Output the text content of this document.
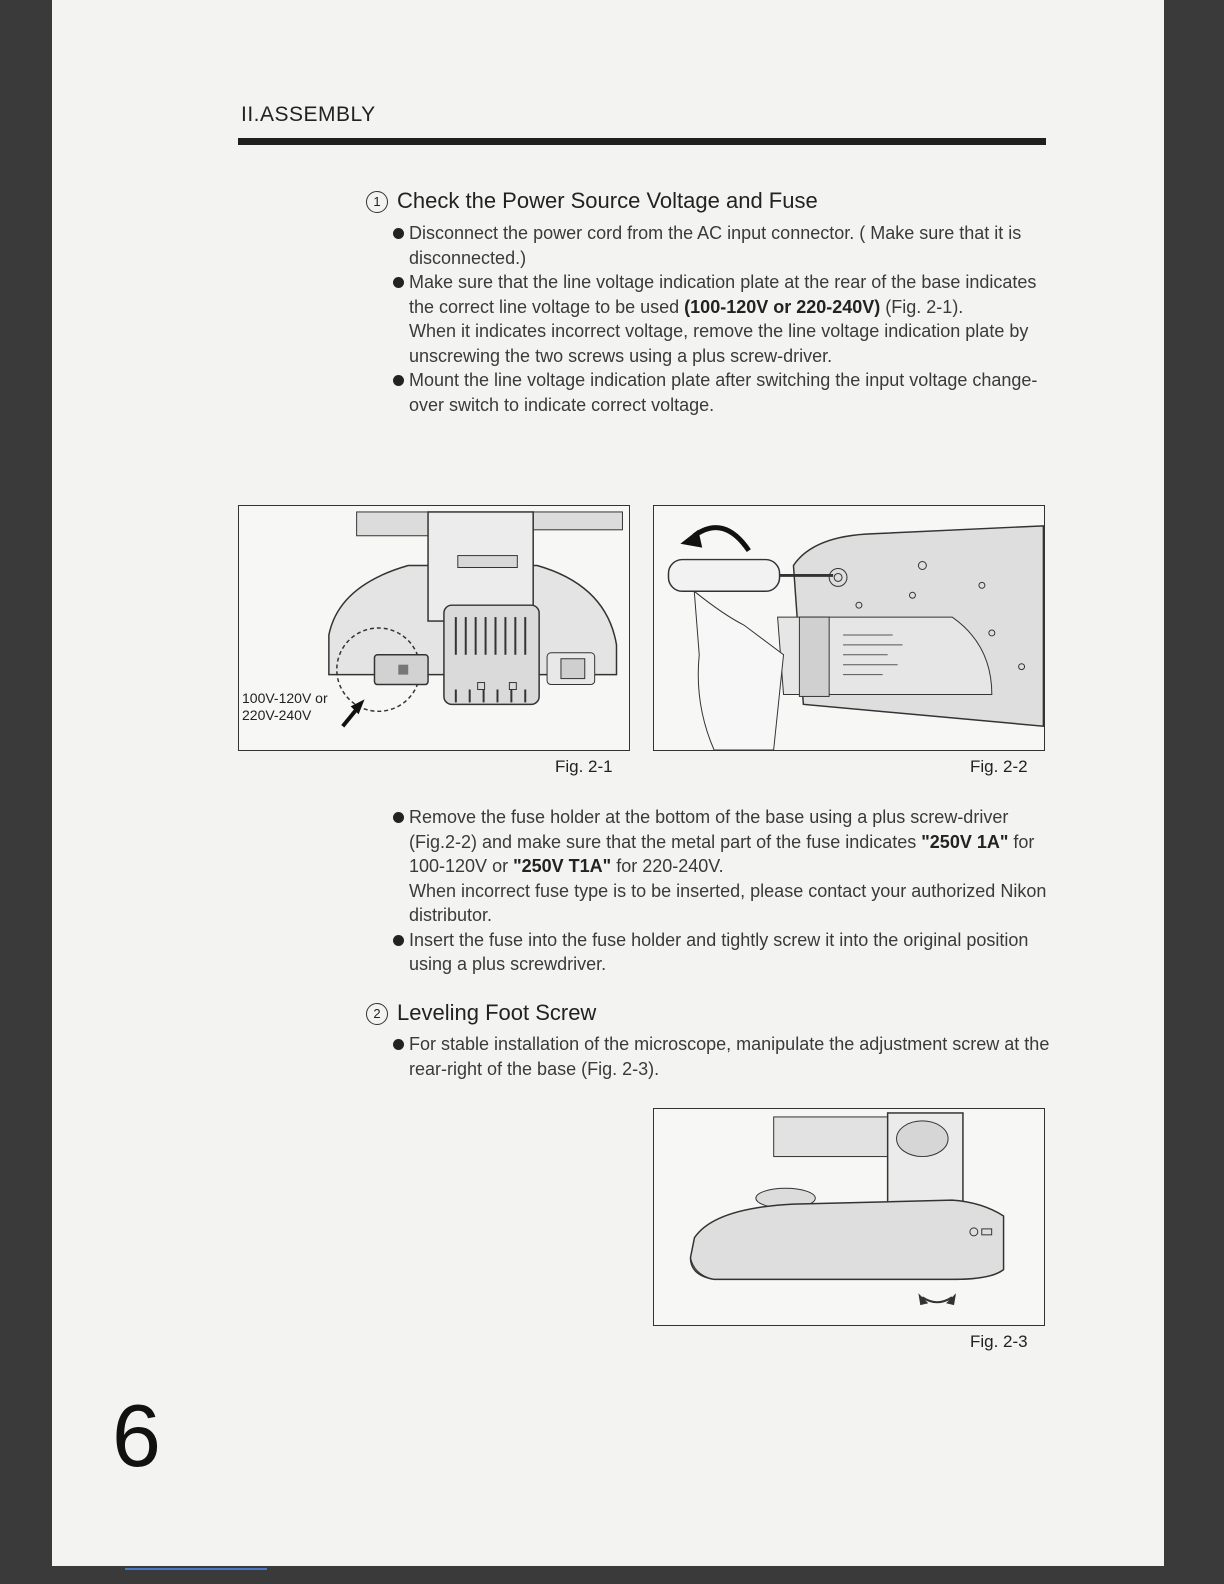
II.ASSEMBLY
1 Check the Power Source Voltage and Fuse
Disconnect the power cord from the AC input connector. ( Make sure that it is disconnected.)
Make sure that the line voltage indication plate at the rear of the base indicates the correct line voltage to be used (100-120V or 220-240V) (Fig. 2-1).
When it indicates incorrect voltage, remove the line voltage indication plate by unscrewing the two screws using a plus screw-driver.
Mount the line voltage indication plate after switching the input voltage change-over switch to indicate correct voltage.
100V-120V or
220V-240V
Fig. 2-1	Fig. 2-2
Remove the fuse holder at the bottom of the base using a plus screw-driver (Fig.2-2) and make sure that the metal part of the fuse indicates "250V 1A" for 100-120V or "250V T1A" for 220-240V.
When incorrect fuse type is to be inserted, please contact your authorized Nikon distributor.
Insert the fuse into the fuse holder and tightly screw it into the original position using a plus screwdriver.
2 Leveling Foot Screw
For stable installation of the microscope, manipulate the adjustment screw at the rear-right of the base (Fig. 2-3).
Fig. 2-3
6
